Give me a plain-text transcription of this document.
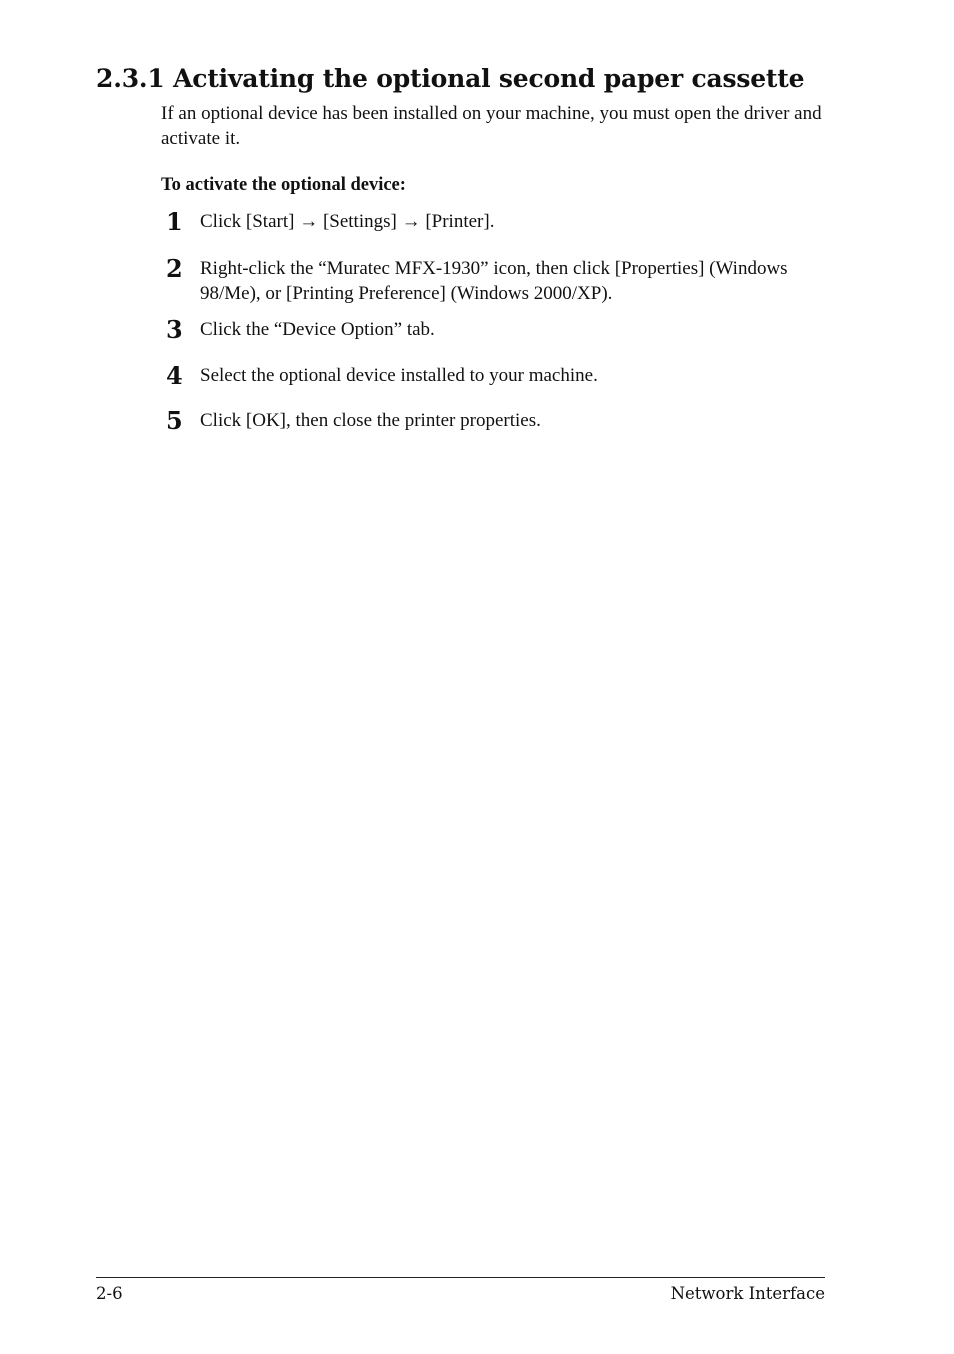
2.3.1 Activating the optional second paper cassette

If an optional device has been installed on your machine, you must open the driver and activate it.

To activate the optional device:

1 Click [Start] → [Settings] → [Printer].
2 Right-click the “Muratec MFX-1930” icon, then click [Properties] (Windows 98/Me), or [Printing Preference] (Windows 2000/XP).
3 Click the “Device Option” tab.
4 Select the optional device installed to your machine.
5 Click [OK], then close the printer properties.
2-6	Network Interface
